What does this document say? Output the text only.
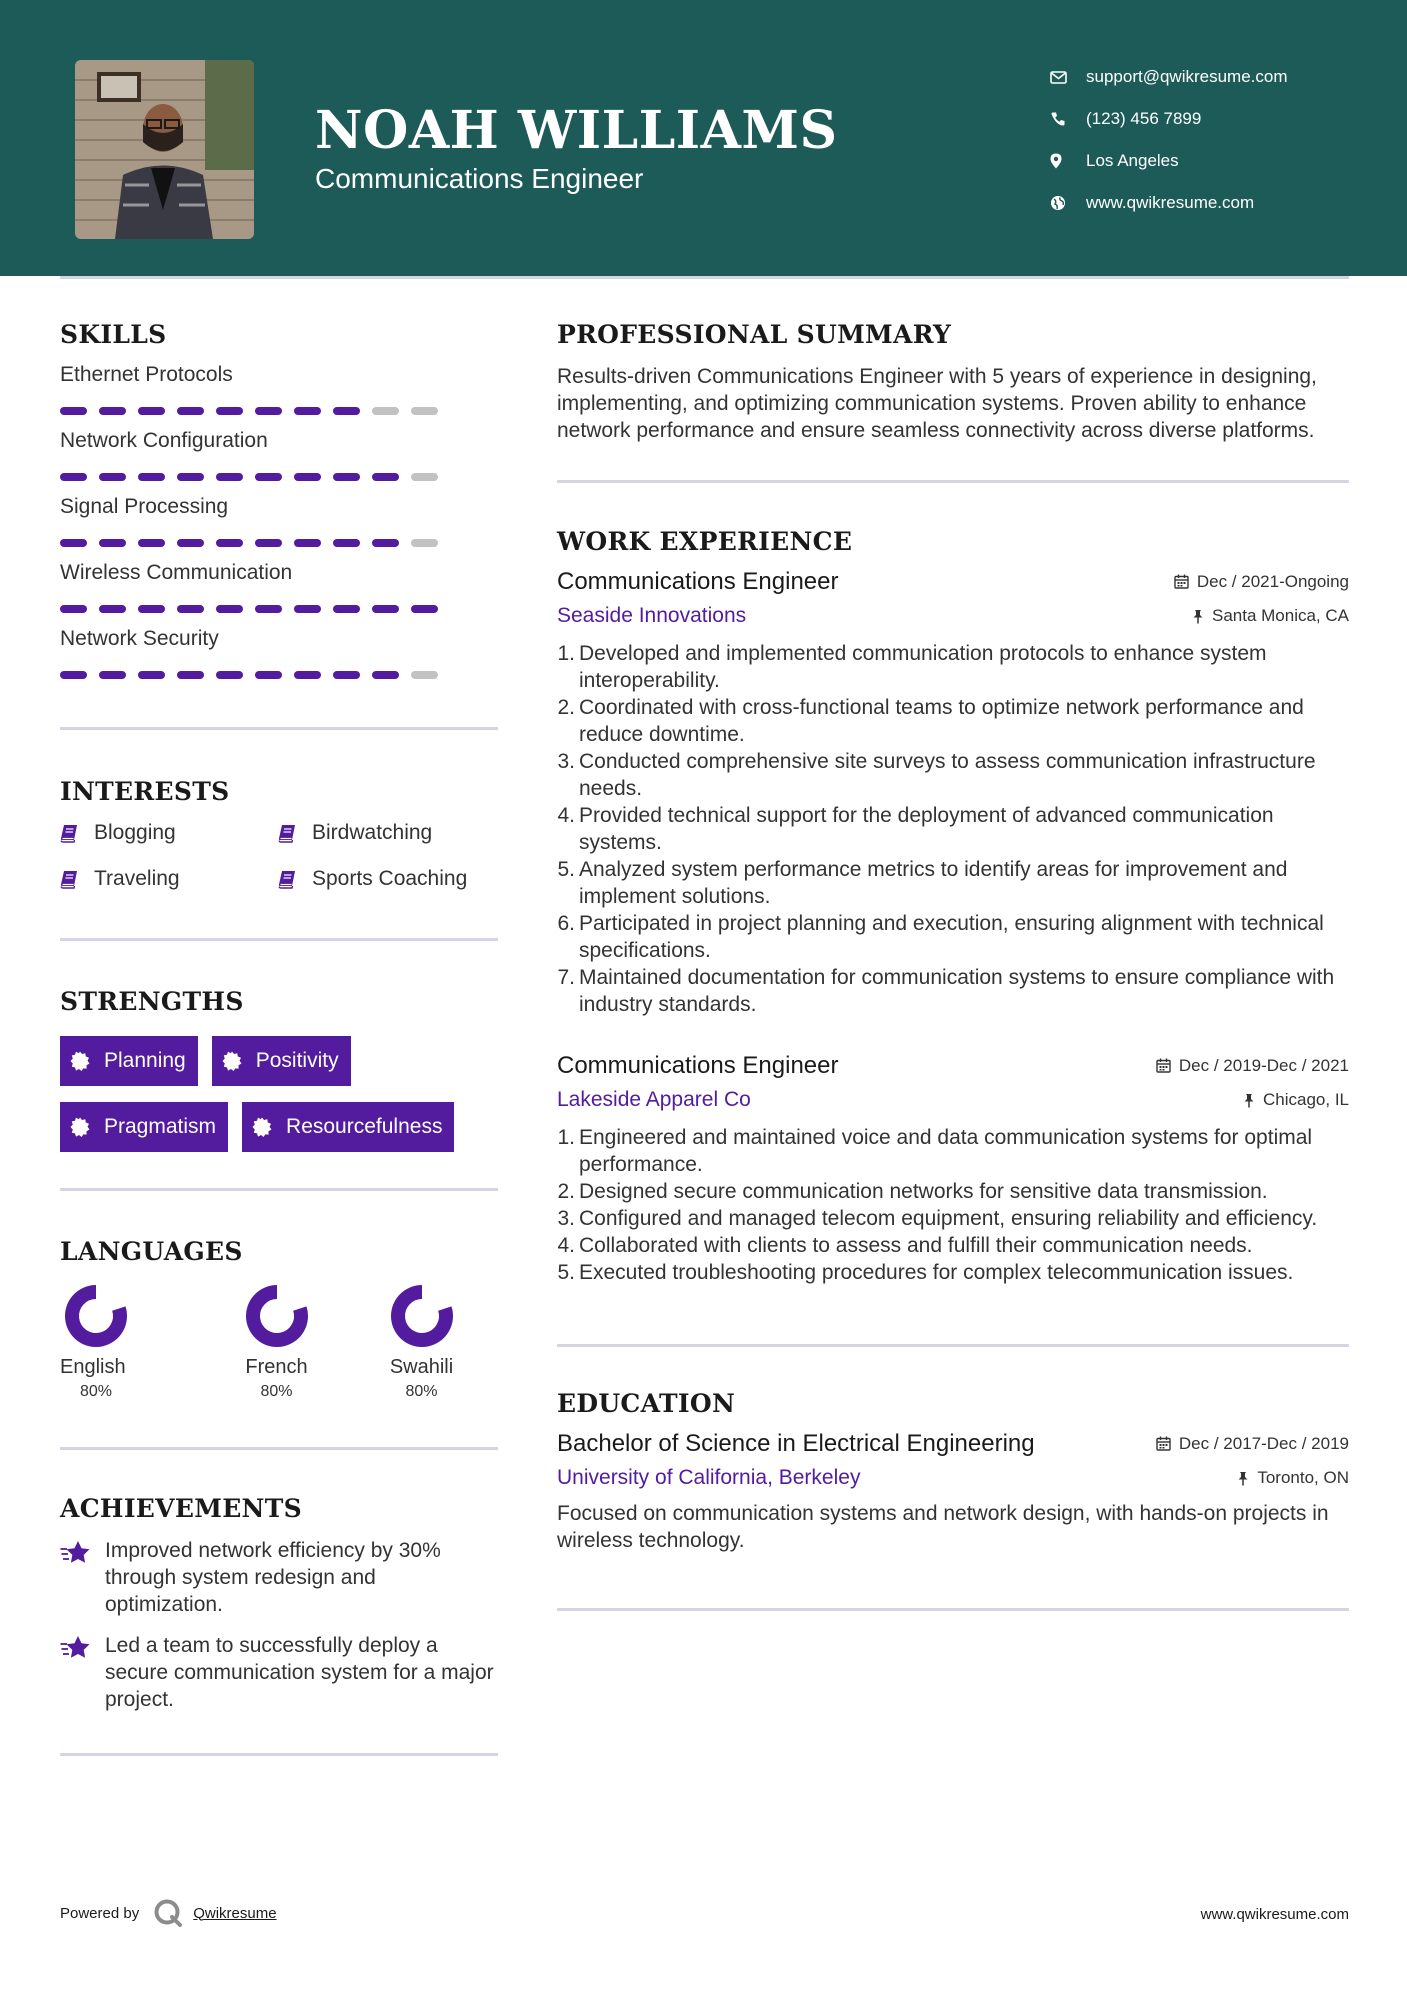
NOAH WILLIAMS
Communications Engineer
support@qwikresume.com
(123) 456 7899
Los Angeles
www.qwikresume.com
SKILLS
Ethernet Protocols
Network Configuration
Signal Processing
Wireless Communication
Network Security
INTERESTS
Blogging	Birdwatching
Traveling	Sports Coaching
STRENGTHS
Planning	Positivity
Pragmatism	Resourcefulness
LANGUAGES
English
80%
French
80%
Swahili
80%
ACHIEVEMENTS
Improved network efficiency by 30% through system redesign and optimization.
Led a team to successfully deploy a secure communication system for a major project.
PROFESSIONAL SUMMARY
Results-driven Communications Engineer with 5 years of experience in designing, implementing, and optimizing communication systems. Proven ability to enhance network performance and ensure seamless connectivity across diverse platforms.
WORK EXPERIENCE
Communications Engineer	Dec / 2021-Ongoing
Seaside Innovations	Santa Monica, CA
1. Developed and implemented communication protocols to enhance system interoperability.
2. Coordinated with cross-functional teams to optimize network performance and reduce downtime.
3. Conducted comprehensive site surveys to assess communication infrastructure needs.
4. Provided technical support for the deployment of advanced communication systems.
5. Analyzed system performance metrics to identify areas for improvement and implement solutions.
6. Participated in project planning and execution, ensuring alignment with technical specifications.
7. Maintained documentation for communication systems to ensure compliance with industry standards.
Communications Engineer	Dec / 2019-Dec / 2021
Lakeside Apparel Co	Chicago, IL
1. Engineered and maintained voice and data communication systems for optimal performance.
2. Designed secure communication networks for sensitive data transmission.
3. Configured and managed telecom equipment, ensuring reliability and efficiency.
4. Collaborated with clients to assess and fulfill their communication needs.
5. Executed troubleshooting procedures for complex telecommunication issues.
EDUCATION
Bachelor of Science in Electrical Engineering	Dec / 2017-Dec / 2019
University of California, Berkeley	Toronto, ON
Focused on communication systems and network design, with hands-on projects in wireless technology.
Powered by	Qwikresume	www.qwikresume.com
